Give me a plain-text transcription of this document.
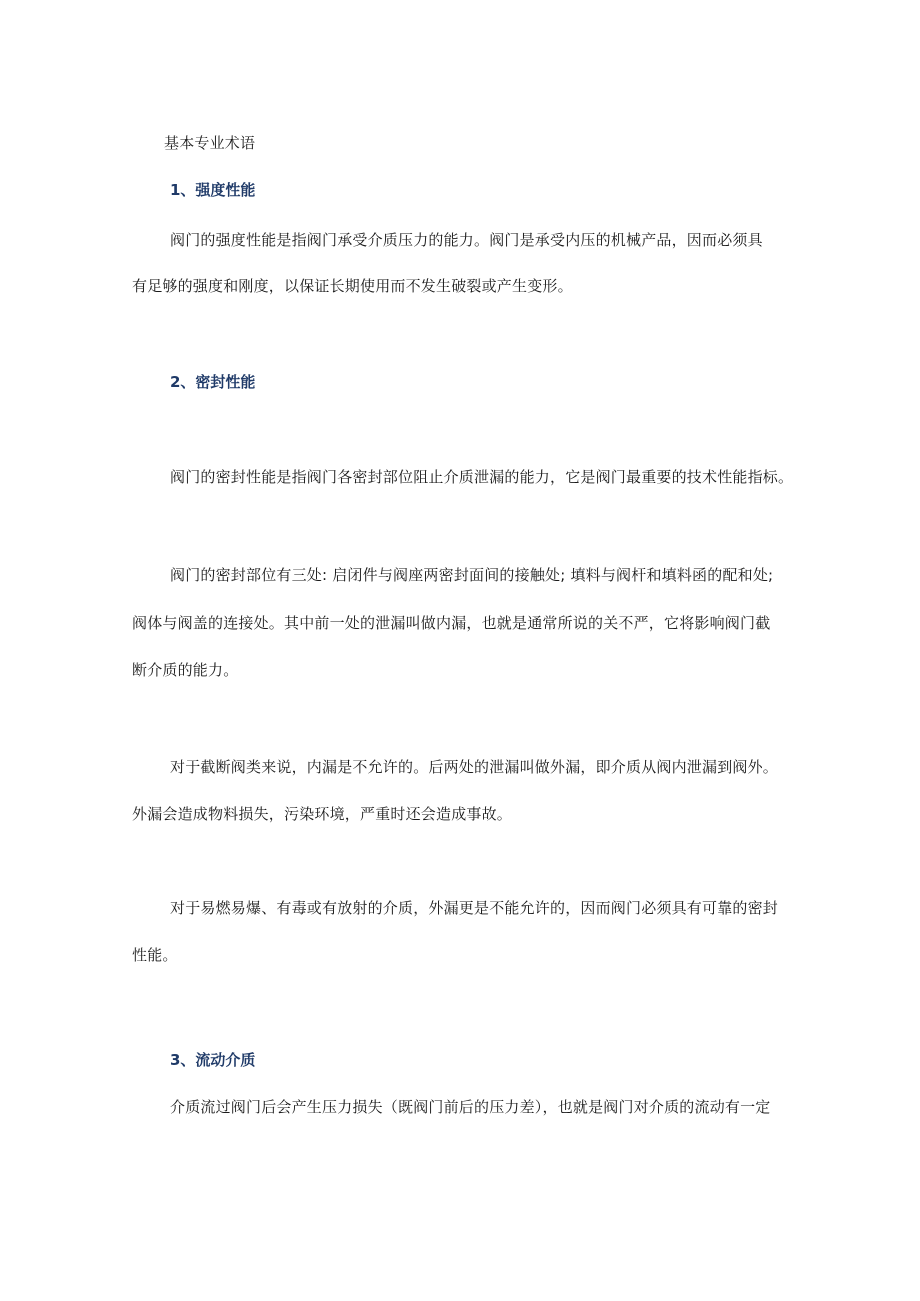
基本专业术语
1、强度性能
阀门的强度性能是指阀门承受介质压力的能力。阀门是承受内压的机械产品，因而必须具
有足够的强度和刚度，以保证长期使用而不发生破裂或产生变形。
2、密封性能
阀门的密封性能是指阀门各密封部位阻止介质泄漏的能力，它是阀门最重要的技术性能指标。
阀门的密封部位有三处: 启闭件与阀座两密封面间的接触处; 填料与阀杆和填料函的配和处;
阀体与阀盖的连接处。其中前一处的泄漏叫做内漏，也就是通常所说的关不严，它将影响阀门截
断介质的能力。
对于截断阀类来说，内漏是不允许的。后两处的泄漏叫做外漏，即介质从阀内泄漏到阀外。
外漏会造成物料损失，污染环境，严重时还会造成事故。
对于易燃易爆、有毒或有放射的介质，外漏更是不能允许的，因而阀门必须具有可靠的密封
性能。
3、流动介质
介质流过阀门后会产生压力损失（既阀门前后的压力差），也就是阀门对介质的流动有一定
